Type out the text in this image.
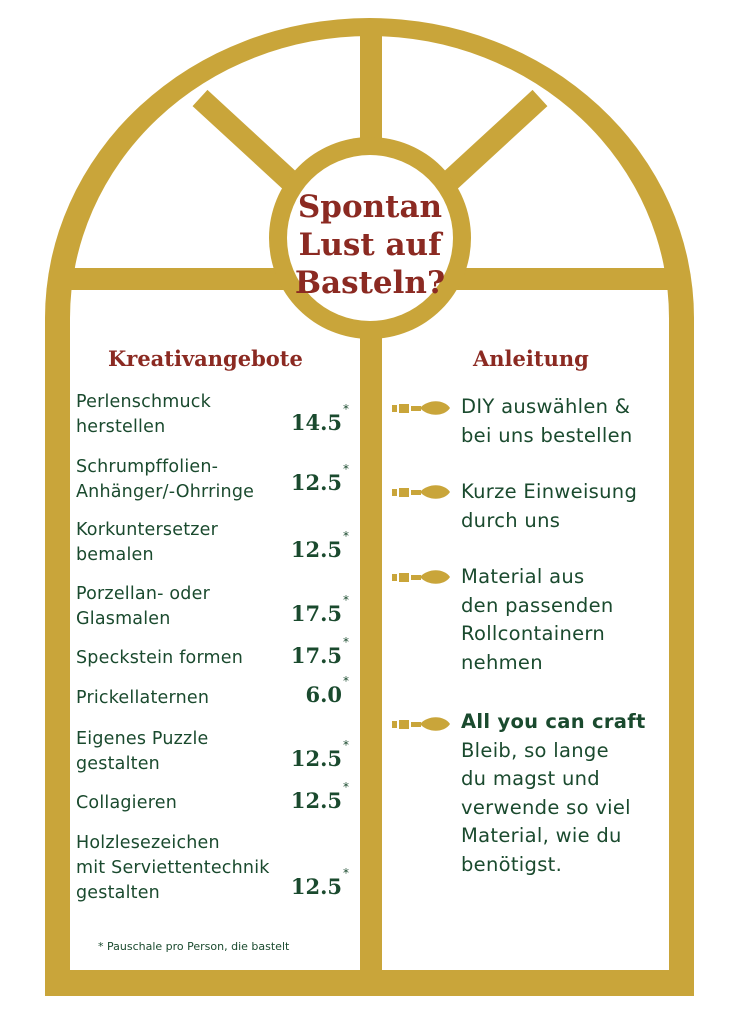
Spontan
Lust auf
Basteln?
Kreativangebote	Anleitung
Perlenschmuck
herstellen	14.5*
Schrumpffolien-
Anhänger/-Ohrringe	12.5*
Korkuntersetzer
bemalen	12.5*
Porzellan- oder
Glasmalen	17.5*
Speckstein formen	17.5*
Prickellaternen	6.0*
Eigenes Puzzle
gestalten	12.5*
Collagieren	12.5*
Holzlesezeichen
mit Serviettentechnik
gestalten	12.5*
* Pauschale pro Person, die bastelt
DIY auswählen &
bei uns bestellen
Kurze Einweisung
durch uns
Material aus
den passenden
Rollcontainern
nehmen
All you can craft
Bleib, so lange
du magst und
verwende so viel
Material, wie du
benötigst.
